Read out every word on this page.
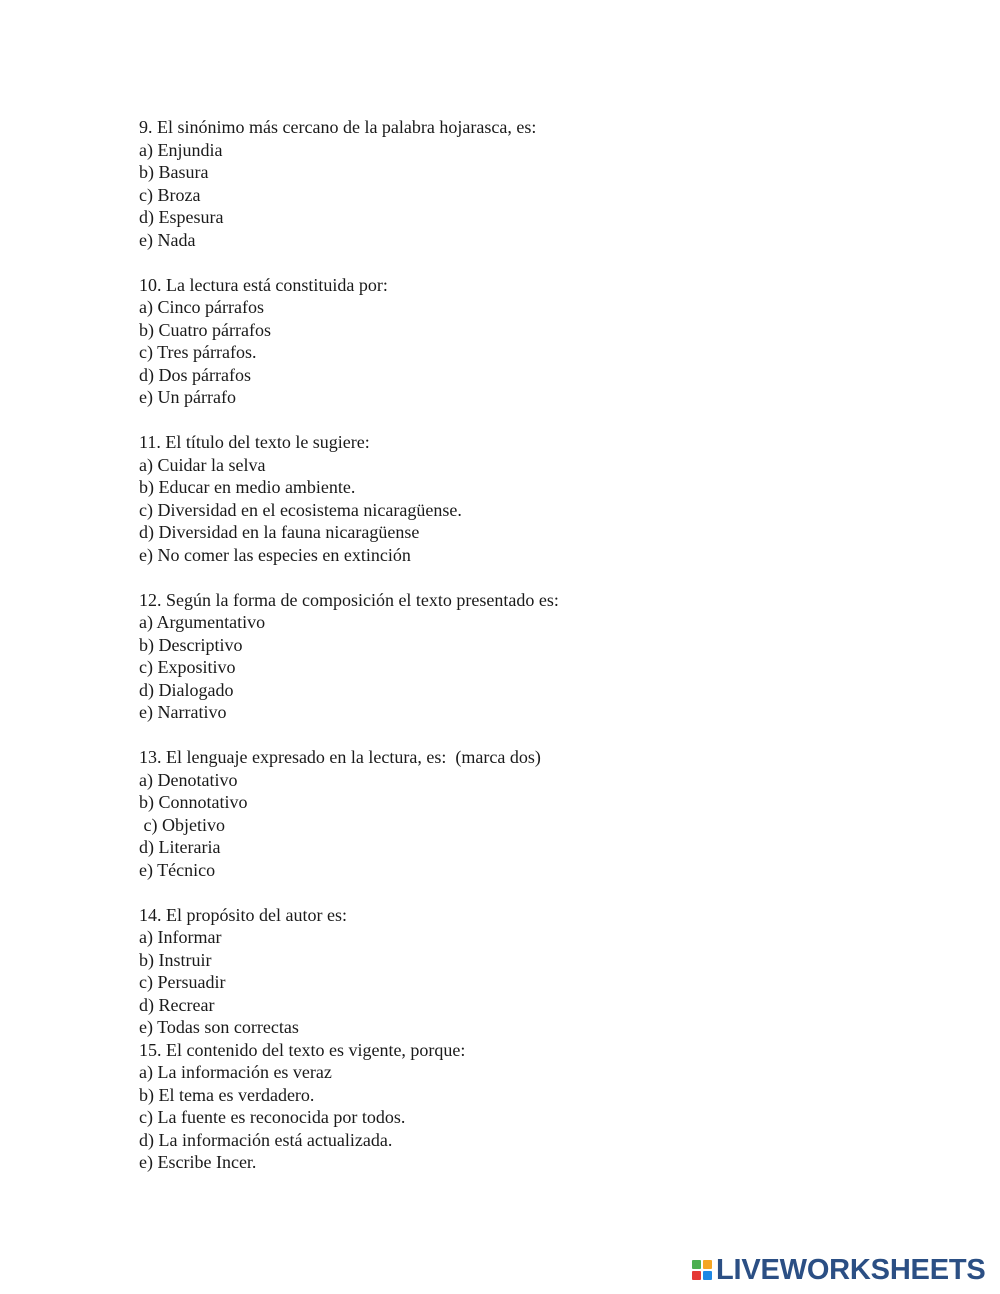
9. El sinónimo más cercano de la palabra hojarasca, es:
a) Enjundia
b) Basura
c) Broza
d) Espesura
e) Nada
10. La lectura está constituida por:
a) Cinco párrafos
b) Cuatro párrafos
c) Tres párrafos.
d) Dos párrafos
e) Un párrafo
11. El título del texto le sugiere:
a) Cuidar la selva
b) Educar en medio ambiente.
c) Diversidad en el ecosistema nicaragüense.
d) Diversidad en la fauna nicaragüense
e) No comer las especies en extinción
12. Según la forma de composición el texto presentado es:
a) Argumentativo
b) Descriptivo
c) Expositivo
d) Dialogado
e) Narrativo
13. El lenguaje expresado en la lectura, es:  (marca dos)
a) Denotativo
b) Connotativo
c) Objetivo
d) Literaria
e) Técnico
14. El propósito del autor es:
a) Informar
b) Instruir
c) Persuadir
d) Recrear
e) Todas son correctas
15. El contenido del texto es vigente, porque:
a) La información es veraz
b) El tema es verdadero.
c) La fuente es reconocida por todos.
d) La información está actualizada.
e) Escribe Incer.
LIVEWORKSHEETS
